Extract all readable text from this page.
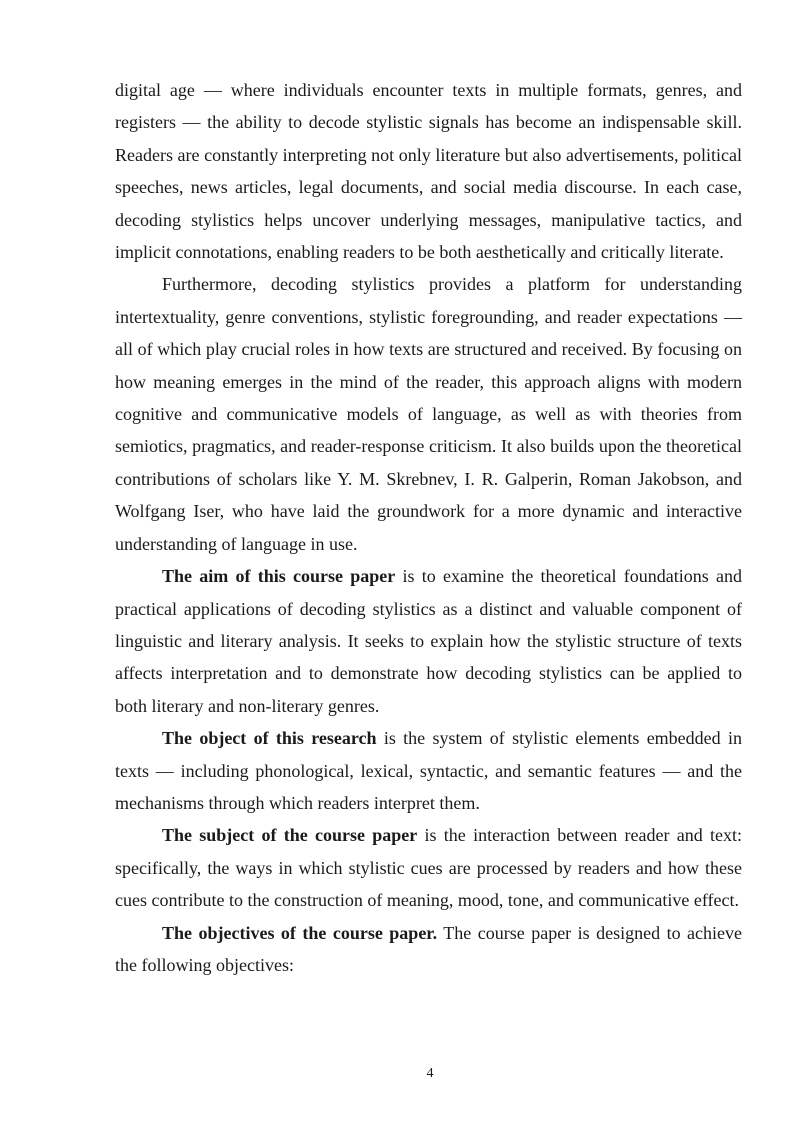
digital age — where individuals encounter texts in multiple formats, genres, and registers — the ability to decode stylistic signals has become an indispensable skill. Readers are constantly interpreting not only literature but also advertisements, political speeches, news articles, legal documents, and social media discourse. In each case, decoding stylistics helps uncover underlying messages, manipulative tactics, and implicit connotations, enabling readers to be both aesthetically and critically literate.

Furthermore, decoding stylistics provides a platform for understanding intertextuality, genre conventions, stylistic foregrounding, and reader expectations — all of which play crucial roles in how texts are structured and received. By focusing on how meaning emerges in the mind of the reader, this approach aligns with modern cognitive and communicative models of language, as well as with theories from semiotics, pragmatics, and reader-response criticism. It also builds upon the theoretical contributions of scholars like Y. M. Skrebnev, I. R. Galperin, Roman Jakobson, and Wolfgang Iser, who have laid the groundwork for a more dynamic and interactive understanding of language in use.

The aim of this course paper is to examine the theoretical foundations and practical applications of decoding stylistics as a distinct and valuable component of linguistic and literary analysis. It seeks to explain how the stylistic structure of texts affects interpretation and to demonstrate how decoding stylistics can be applied to both literary and non-literary genres.

The object of this research is the system of stylistic elements embedded in texts — including phonological, lexical, syntactic, and semantic features — and the mechanisms through which readers interpret them.

The subject of the course paper is the interaction between reader and text: specifically, the ways in which stylistic cues are processed by readers and how these cues contribute to the construction of meaning, mood, tone, and communicative effect.

The objectives of the course paper. The course paper is designed to achieve the following objectives:

4
